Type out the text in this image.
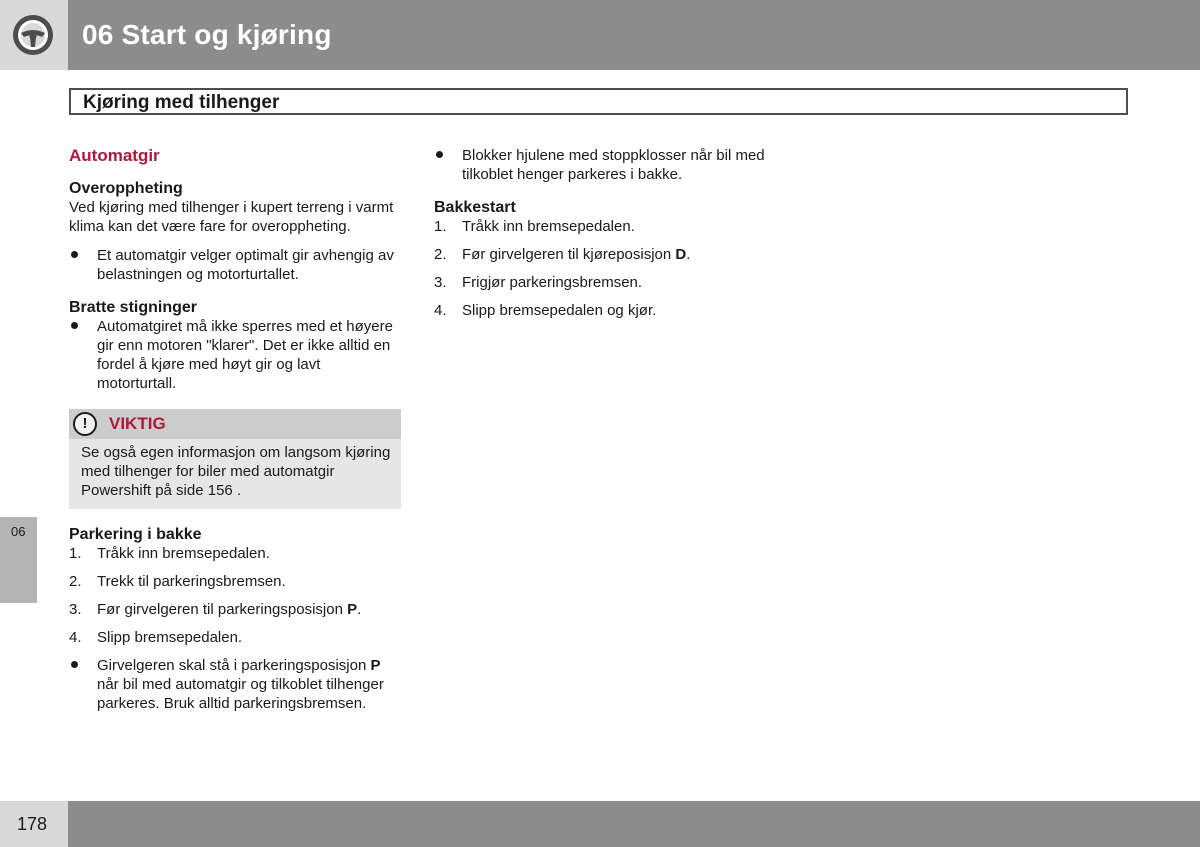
06 Start og kjøring
Kjøring med tilhenger
06
178
Automatgir
Overoppheting

Ved kjøring med tilhenger i kupert terreng i varmt klima kan det være fare for overoppheting.

Et automatgir velger optimalt gir avhengig av belastningen og motorturtallet.
Bratte stigninger
Automatgiret må ikke sperres med et høyere gir enn motoren "klarer". Det er ikke alltid en fordel å kjøre med høyt gir og lavt motorturtall.
!	VIKTIG
Se også egen informasjon om langsom kjøring med tilhenger for biler med automatgir Powershift på side 156 .
Parkering i bakke
1. Tråkk inn bremsepedalen.
2. Trekk til parkeringsbremsen.
3. Før girvelgeren til parkeringsposisjon P.
4. Slipp bremsepedalen.
Girvelgeren skal stå i parkeringsposisjon P når bil med automatgir og tilkoblet tilhenger parkeres. Bruk alltid parkeringsbremsen.
Blokker hjulene med stoppklosser når bil med tilkoblet henger parkeres i bakke.
Bakkestart
1. Tråkk inn bremsepedalen.
2. Før girvelgeren til kjøreposisjon D.
3. Frigjør parkeringsbremsen.
4. Slipp bremsepedalen og kjør.
